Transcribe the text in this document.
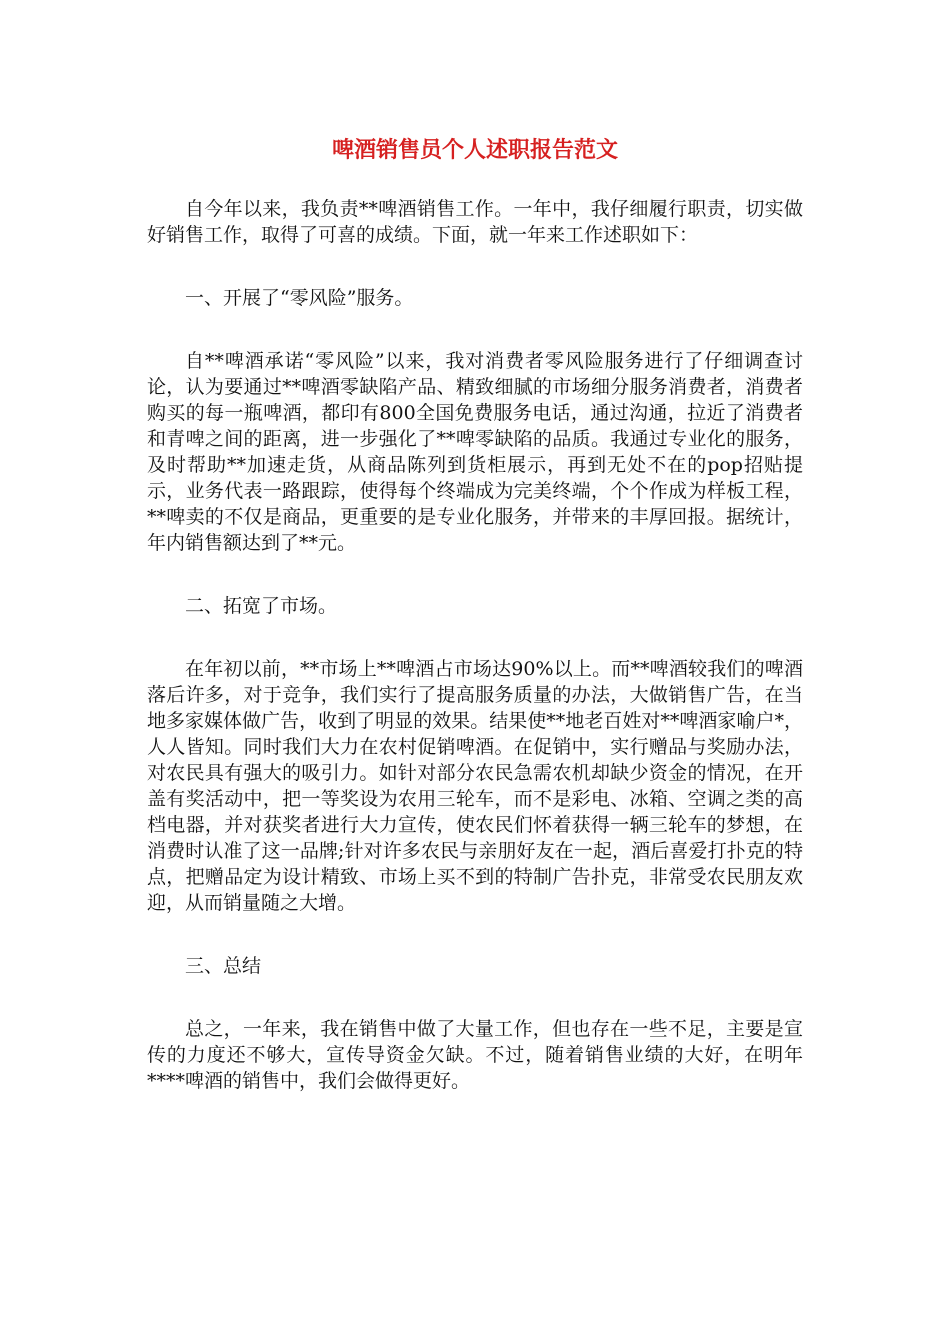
啤酒销售员个人述职报告范文

自今年以来，我负责**啤酒销售工作。一年中，我仔细履行职责，切实做好销售工作，取得了可喜的成绩。下面，就一年来工作述职如下：

一、开展了“零风险”服务。

自**啤酒承诺“零风险”以来，我对消费者零风险服务进行了仔细调查讨论，认为要通过**啤酒零缺陷产品、精致细腻的市场细分服务消费者，消费者购买的每一瓶啤酒，都印有800全国免费服务电话，通过沟通，拉近了消费者和青啤之间的距离，进一步强化了**啤零缺陷的品质。我通过专业化的服务，及时帮助**加速走货，从商品陈列到货柜展示，再到无处不在的pop招贴提示，业务代表一路跟踪，使得每个终端成为完美终端，个个作成为样板工程，**啤卖的不仅是商品，更重要的是专业化服务，并带来的丰厚回报。据统计，年内销售额达到了**元。

二、拓宽了市场。

在年初以前，**市场上**啤酒占市场达90%以上。而**啤酒较我们的啤酒落后许多，对于竞争，我们实行了提高服务质量的办法，大做销售广告，在当地多家媒体做广告，收到了明显的效果。结果使**地老百姓对**啤酒家喻户*，人人皆知。同时我们大力在农村促销啤酒。在促销中，实行赠品与奖励办法，对农民具有强大的吸引力。如针对部分农民急需农机却缺少资金的情况，在开盖有奖活动中，把一等奖设为农用三轮车，而不是彩电、冰箱、空调之类的高档电器，并对获奖者进行大力宣传，使农民们怀着获得一辆三轮车的梦想，在消费时认准了这一品牌;针对许多农民与亲朋好友在一起，酒后喜爱打扑克的特点，把赠品定为设计精致、市场上买不到的特制广告扑克，非常受农民朋友欢迎，从而销量随之大增。

三、总结

总之，一年来，我在销售中做了大量工作，但也存在一些不足，主要是宣传的力度还不够大，宣传导资金欠缺。不过，随着销售业绩的大好，在明年****啤酒的销售中，我们会做得更好。
